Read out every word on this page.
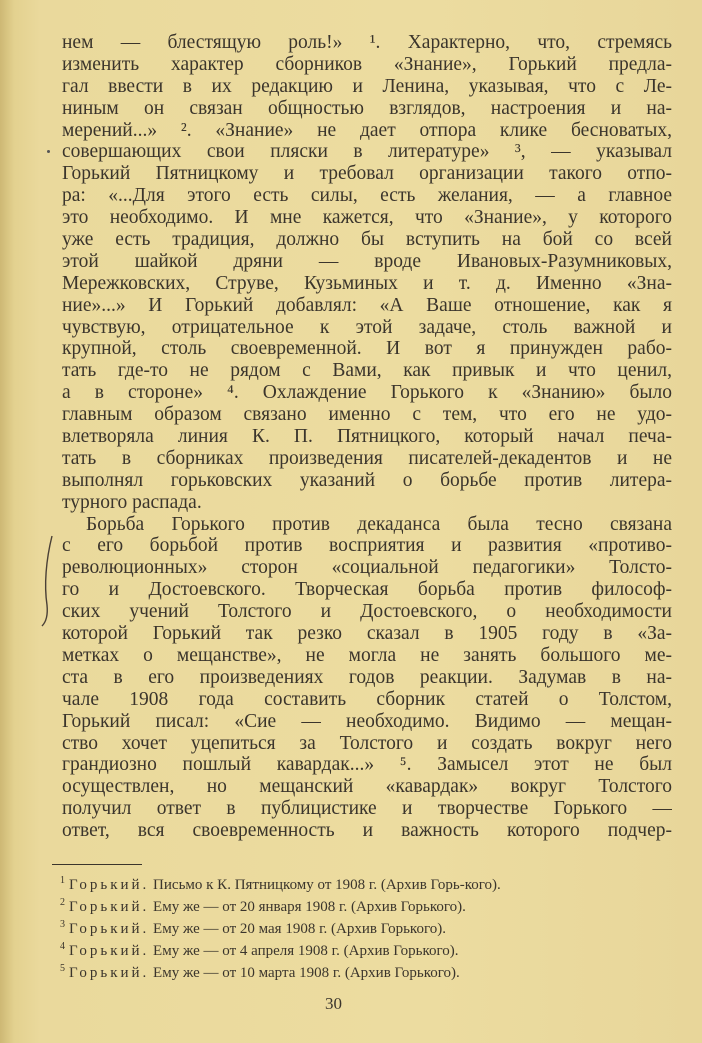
нем — блестящую роль!» ¹. Характерно, что, стремясь
изменить характер сборников «Знание», Горький предла-
гал ввести в их редакцию и Ленина, указывая, что с Ле-
ниным он связан общностью взглядов, настроения и на-
мерений...» ². «Знание» не дает отпора клике бесноватых,
совершающих свои пляски в литературе» ³, — указывал
Горький Пятницкому и требовал организации такого отпо-
ра: «...Для этого есть силы, есть желания, — а главное
это необходимо. И мне кажется, что «Знание», у которого
уже есть традиция, должно бы вступить на бой со всей
этой шайкой дряни — вроде Ивановых-Разумниковых,
Мережковских, Струве, Кузьминых и т. д. Именно «Зна-
ние»...» И Горький добавлял: «А Ваше отношение, как я
чувствую, отрицательное к этой задаче, столь важной и
крупной, столь своевременной. И вот я принужден рабо-
тать где-то не рядом с Вами, как привык и что ценил,
а в стороне» ⁴. Охлаждение Горького к «Знанию» было
главным образом связано именно с тем, что его не удо-
влетворяла линия К. П. Пятницкого, который начал печа-
тать в сборниках произведения писателей-декадентов и не
выполнял горьковских указаний о борьбе против литера-
турного распада.
Борьба Горького против декаданса была тесно связана
с его борьбой против восприятия и развития «противо-
революционных» сторон «социальной педагогики» Толсто-
го и Достоевского. Творческая борьба против философ-
ских учений Толстого и Достоевского, о необходимости
которой Горький так резко сказал в 1905 году в «За-
метках о мещанстве», не могла не занять большого ме-
ста в его произведениях годов реакции. Задумав в на-
чале 1908 года составить сборник статей о Толстом,
Горький писал: «Сие — необходимо. Видимо — мещан-
ство хочет уцепиться за Толстого и создать вокруг него
грандиозно пошлый кавардак...» ⁵. Замысел этот не был
осуществлен, но мещанский «кавардак» вокруг Толстого
получил ответ в публицистике и творчестве Горького —
ответ, вся своевременность и важность которого подчер-
$^1$ Горький. Письмо к К. Пятницкому от 1908 г. (Архив Горь-кого).
$^2$ Горький. Ему же — от 20 января 1908 г. (Архив Горького).
$^3$ Горький. Ему же — от 20 мая 1908 г. (Архив Горького).
$^4$ Горький. Ему же — от 4 апреля 1908 г. (Архив Горького).
$^5$ Горький. Ему же — от 10 марта 1908 г. (Архив Горького).
30
